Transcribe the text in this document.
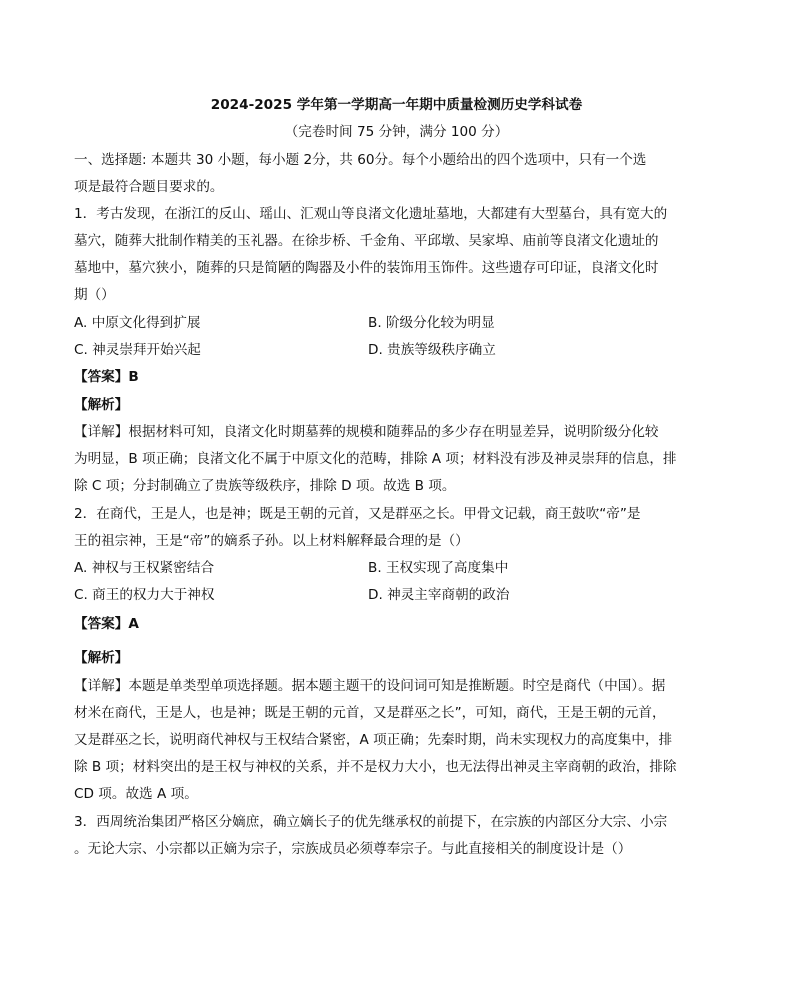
2024-2025 学年第一学期高一年期中质量检测历史学科试卷

（完卷时间 75 分钟，满分 100 分）

一、选择题: 本题共 30 小题，每小题 2分，共 60分。每个小题给出的四个选项中，只有一个选

项是最符合题目要求的。

1．考古发现，在浙江的反山、瑶山、汇观山等良渚文化遗址墓地，大都建有大型墓台，具有宽大的

墓穴，随葬大批制作精美的玉礼器。在徐步桥、千金角、平邱墩、吴家埠、庙前等良渚文化遗址的

墓地中，墓穴狭小，随葬的只是简陋的陶器及小件的装饰用玉饰件。这些遗存可印证，良渚文化时

期（）

A. 中原文化得到扩展	B. 阶级分化较为明显

C. 神灵崇拜开始兴起	D. 贵族等级秩序确立

【答案】B

【解析】

【详解】根据材料可知，良渚文化时期墓葬的规模和随葬品的多少存在明显差异，说明阶级分化较

为明显，B 项正确；良渚文化不属于中原文化的范畴，排除 A 项；材料没有涉及神灵崇拜的信息，排

除 C 项；分封制确立了贵族等级秩序，排除 D 项。故选 B 项。

2．在商代，王是人，也是神；既是王朝的元首，又是群巫之长。甲骨文记载，商王鼓吹“帝”是

王的祖宗神，王是“帝”的嫡系子孙。以上材料解释最合理的是（）

A. 神权与王权紧密结合	B. 王权实现了高度集中

C. 商王的权力大于神权	D. 神灵主宰商朝的政治

【答案】A

【解析】

【详解】本题是单类型单项选择题。据本题主题干的设问词可知是推断题。时空是商代（中国）。据

材米在商代，王是人，也是神；既是王朝的元首，又是群巫之长”，可知，商代，王是王朝的元首，

又是群巫之长，说明商代神权与王权结合紧密，A 项正确；先秦时期，尚未实现权力的高度集中，排

除 B 项；材料突出的是王权与神权的关系，并不是权力大小，也无法得出神灵主宰商朝的政治，排除

CD 项。故选 A 项。

3．西周统治集团严格区分嫡庶，确立嫡长子的优先继承权的前提下，在宗族的内部区分大宗、小宗

。无论大宗、小宗都以正嫡为宗子，宗族成员必须尊奉宗子。与此直接相关的制度设计是（）
